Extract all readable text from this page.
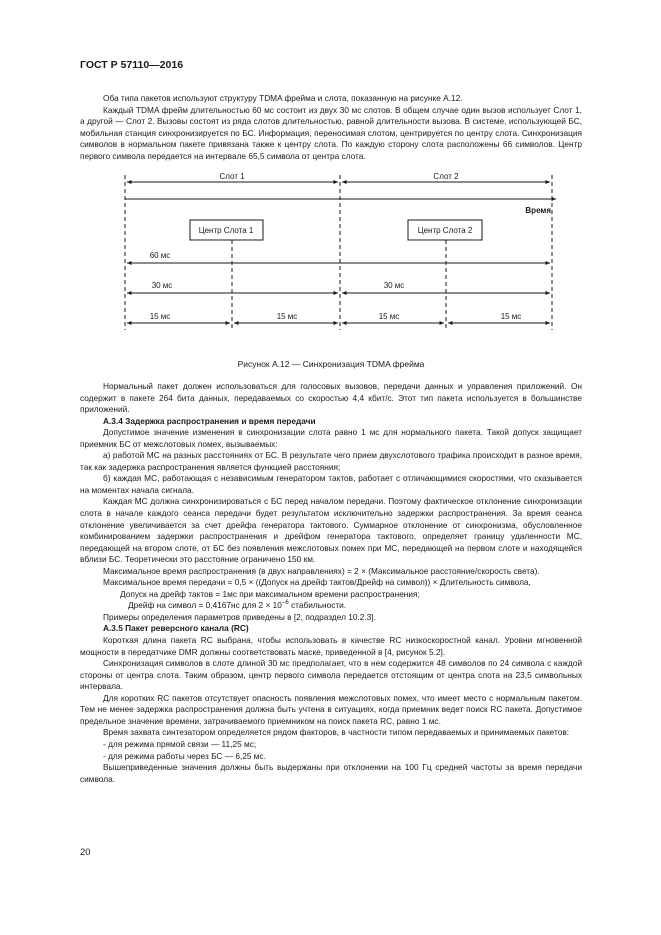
ГОСТ Р 57110—2016

Оба типа пакетов используют структуру TDMA фрейма и слота, показанную на рисунке А.12.

Каждый TDMA фрейм длительностью 60 мс состоит из двух 30 мс слотов. В общем случае один вызов использует Слот 1, а другой — Слот 2. Вызовы состоят из ряда слотов длительностью, равной длительности вызова. В системе, использующей БС, мобильная станция синхронизируется по БС. Информация, переносимая слотом, центрируется по центру слота. Синхронизация символов в нормальном пакете привязана также к центру слота. По каждую сторону слота расположены 66 символов. Центр первого символа передается на интервале 65,5 символа от центра слота.

Слот 1	Слот 2
Время
Центр Слота 1	Центр Слота 2
60 мс
30 мс	30 мс
15 мс	15 мс	15 мс	15 мс
Рисунок А.12 — Синхронизация TDMA фрейма

Нормальный пакет должен использоваться для голосовых вызовов, передачи данных и управления приложений. Он содержит в пакете 264 бита данных, передаваемых со скоростью 4,4 кбит/с. Этот тип пакета используется в большинстве приложений.

А.3.4 Задержка распространения и время передачи

Допустимое значение изменения в синхронизации слота равно 1 мс для нормального пакета. Такой допуск защищает приемник БС от межслотовых помех, вызываемых:

а) работой МС на разных расстояниях от БС. В результате чего прием двухслотового трафика происходит в разное время, так как задержка распространения является функцией расстояния;

б) каждая МС, работающая с независимым генератором тактов, работает с отличающимися скоростями, что сказывается на моментах начала сигнала.

Каждая МС должна синхронизироваться с БС перед началом передачи. Поэтому фактическое отклонение синхронизации слота в начале каждого сеанса передачи будет результатом исключительно задержки распространения. За время сеанса отклонение увеличивается за счет дрейфа генератора тактового. Суммарное отклонение от синхронизма, обусловленное комбинированием задержки распространения и дрейфом генератора тактового, определяет границу удаленности МС, передающей на втором слоте, от БС без появления межслотовых помех при МС, передающей на первом слоте и находящейся вблизи БС. Теоретически это расстояние ограничено 150 км.

Максимальное время распространения (в двух направлениях) = 2 × (Максимальное расстояние/скорость света).

Максимальное время передачи = 0,5 × ((Допуск на дрейф тактов/Дрейф на символ)) × Длительность символа,

Допуск на дрейф тактов = 1мс при максимальном времени распространения;

Дрейф на символ = 0,4167нс для $2 \times 10^{-6}$ стабильности.

Примеры определения параметров приведены в [2, подраздел 10.2.3].

А.3.5 Пакет реверсного канала (RC)

Короткая длина пакета RC выбрана, чтобы использовать в качестве RC низкоскоростной канал. Уровни мгновенной мощности в передатчике DMR должны соответствовать маске, приведенной в [4, рисунок 5.2].

Синхронизация символов в слоте длиной 30 мс предполагает, что в нем содержится 48 символов по 24 символа с каждой стороны от центра слота. Таким образом, центр первого символа передается отстоящим от центра слота на 23,5 символьных интервала.

Для коротких RC пакетов отсутствует опасность появления межслотовых помех, что имеет место с нормальным пакетом. Тем не менее задержка распространения должна быть учтена в ситуациях, когда приемник ведет поиск RC пакета. Допустимое предельное значение времени, затрачиваемого приемником на поиск пакета RC, равно 1 мс.

Время захвата синтезатором определяется рядом факторов, в частности типом передаваемых и принимаемых пакетов:

- для режима прямой связи — 11,25 мс;

- для режима работы через БС — 6,25 мс.

Вышеприведенные значения должны быть выдержаны при отклонении на 100 Гц средней частоты за время передачи символа.

20
